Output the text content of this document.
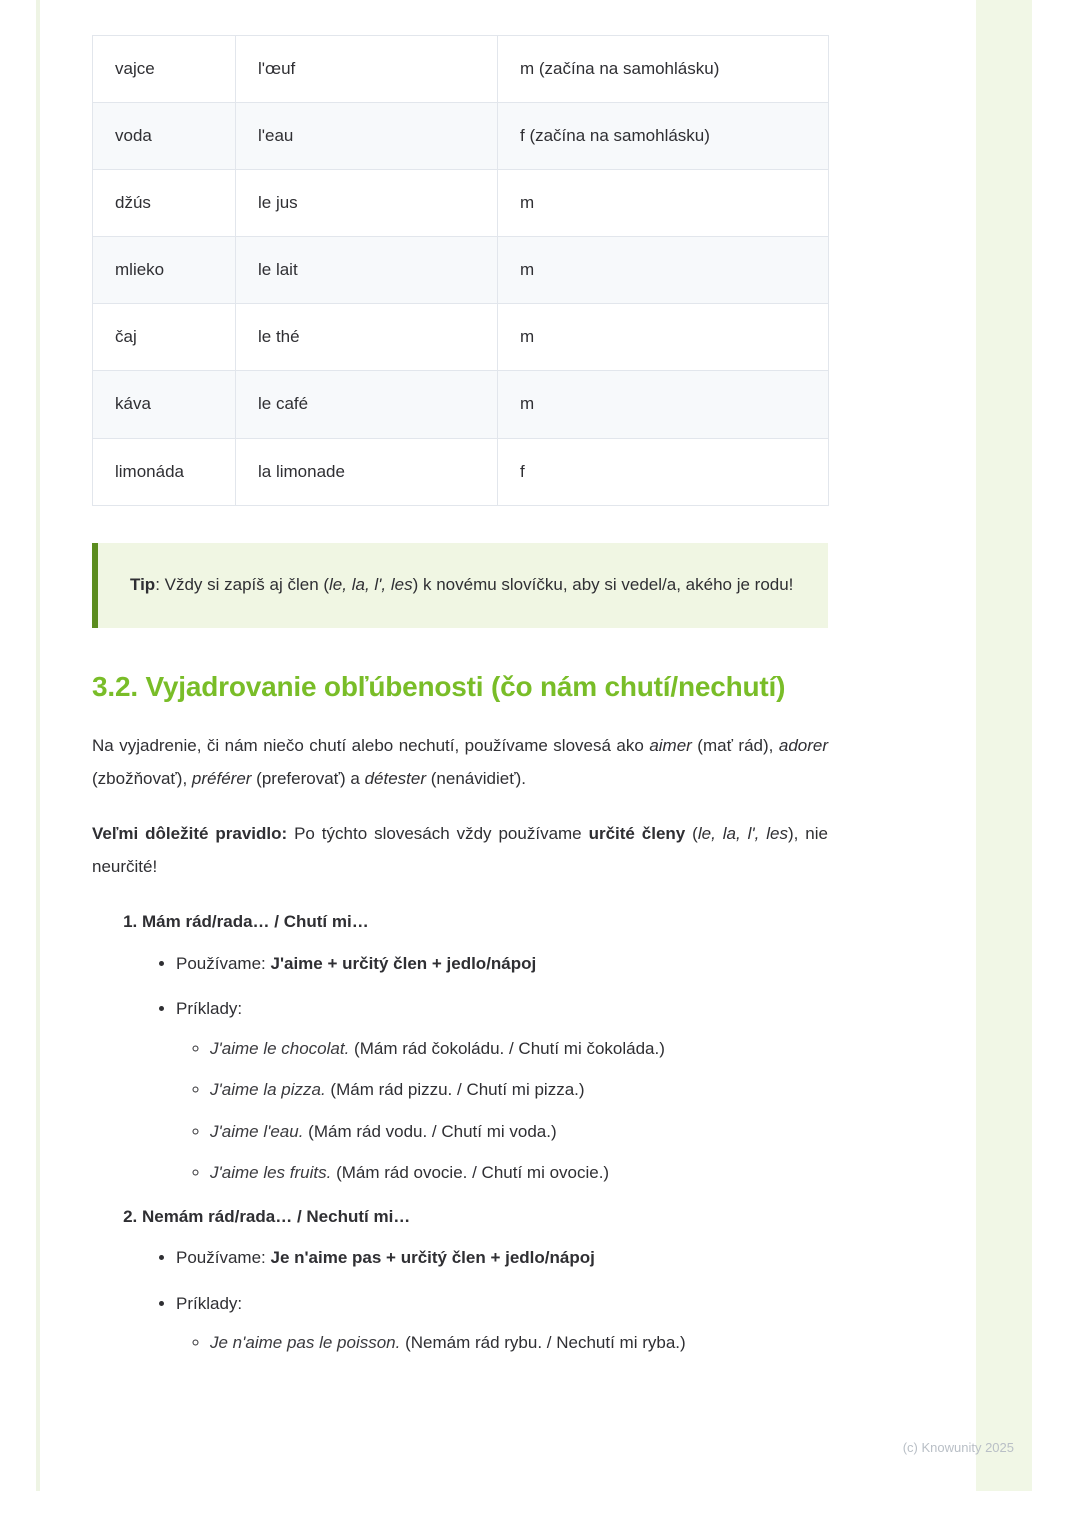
vajce	l'œuf	m (začína na samohlásku)
voda	l'eau	f (začína na samohlásku)
džús	le jus	m
mlieko	le lait	m
čaj	le thé	m
káva	le café	m
limonáda	la limonade	f
Tip: Vždy si zapíš aj člen (le, la, l', les) k novému slovíčku, aby si vedel/a, akého je rodu!
3.2. Vyjadrovanie obľúbenosti (čo nám chutí/nechutí)

Na vyjadrenie, či nám niečo chutí alebo nechutí, používame slovesá ako aimer (mať rád), adorer (zbožňovať), préférer (preferovať) a détester (nenávidieť).

Veľmi dôležité pravidlo: Po týchto slovesách vždy používame určité členy (le, la, l', les), nie neurčité!

1. Mám rád/rada… / Chutí mi…
• Používame: J'aime + určitý člen + jedlo/nápoj
• Príklady:
◦ J'aime le chocolat. (Mám rád čokoládu. / Chutí mi čokoláda.)
◦ J'aime la pizza. (Mám rád pizzu. / Chutí mi pizza.)
◦ J'aime l'eau. (Mám rád vodu. / Chutí mi voda.)
◦ J'aime les fruits. (Mám rád ovocie. / Chutí mi ovocie.)
2. Nemám rád/rada… / Nechutí mi…
• Používame: Je n'aime pas + určitý člen + jedlo/nápoj
• Príklady:
◦ Je n'aime pas le poisson. (Nemám rád rybu. / Nechutí mi ryba.)
(c) Knowunity 2025
